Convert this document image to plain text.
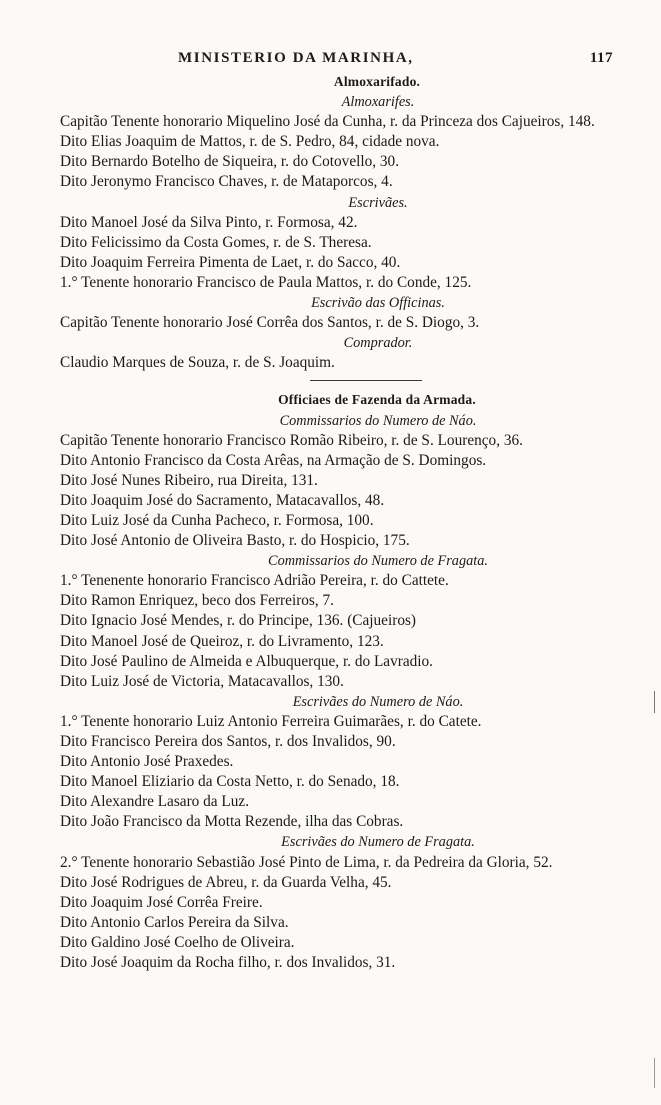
MINISTERIO DA MARINHA,	117
Almoxarifado.
Almoxarifes.
Capitão Tenente honorario Miquelino José da Cunha, r. da Princeza dos Cajueiros, 148.
Dito Elias Joaquim de Mattos, r. de S. Pedro, 84, cidade nova.
Dito Bernardo Botelho de Siqueira, r. do Cotovello, 30.
Dito Jeronymo Francisco Chaves, r. de Mataporcos, 4.
Escrivães.
Dito Manoel José da Silva Pinto, r. Formosa, 42.
Dito Felicissimo da Costa Gomes, r. de S. Theresa.
Dito Joaquim Ferreira Pimenta de Laet, r. do Sacco, 40.
1.° Tenente honorario Francisco de Paula Mattos, r. do Conde, 125.
Escrivão das Officinas.
Capitão Tenente honorario José Corrêa dos Santos, r. de S. Diogo, 3.
Comprador.
Claudio Marques de Souza, r. de S. Joaquim.
Officiaes de Fazenda da Armada.
Commissarios do Numero de Náo.
Capitão Tenente honorario Francisco Romão Ribeiro, r. de S. Lourenço, 36.
Dito Antonio Francisco da Costa Arêas, na Armação de S. Domingos.
Dito José Nunes Ribeiro, rua Direita, 131.
Dito Joaquim José do Sacramento, Matacavallos, 48.
Dito Luiz José da Cunha Pacheco, r. Formosa, 100.
Dito José Antonio de Oliveira Basto, r. do Hospicio, 175.
Commissarios do Numero de Fragata.
1.° Tenenente honorario Francisco Adrião Pereira, r. do Cattete.
Dito Ramon Enriquez, beco dos Ferreiros, 7.
Dito Ignacio José Mendes, r. do Principe, 136. (Cajueiros)
Dito Manoel José de Queiroz, r. do Livramento, 123.
Dito José Paulino de Almeida e Albuquerque, r. do Lavradio.
Dito Luiz José de Victoria, Matacavallos, 130.
Escrivães do Numero de Náo.
1.° Tenente honorario Luiz Antonio Ferreira Guimarães, r. do Catete.
Dito Francisco Pereira dos Santos, r. dos Invalidos, 90.
Dito Antonio José Praxedes.
Dito Manoel Eliziario da Costa Netto, r. do Senado, 18.
Dito Alexandre Lasaro da Luz.
Dito João Francisco da Motta Rezende, ilha das Cobras.
Escrivães do Numero de Fragata.
2.° Tenente honorario Sebastião José Pinto de Lima, r. da Pedreira da Gloria, 52.
Dito José Rodrigues de Abreu, r. da Guarda Velha, 45.
Dito Joaquim José Corrêa Freire.
Dito Antonio Carlos Pereira da Silva.
Dito Galdino José Coelho de Oliveira.
Dito José Joaquim da Rocha filho, r. dos Invalidos, 31.
